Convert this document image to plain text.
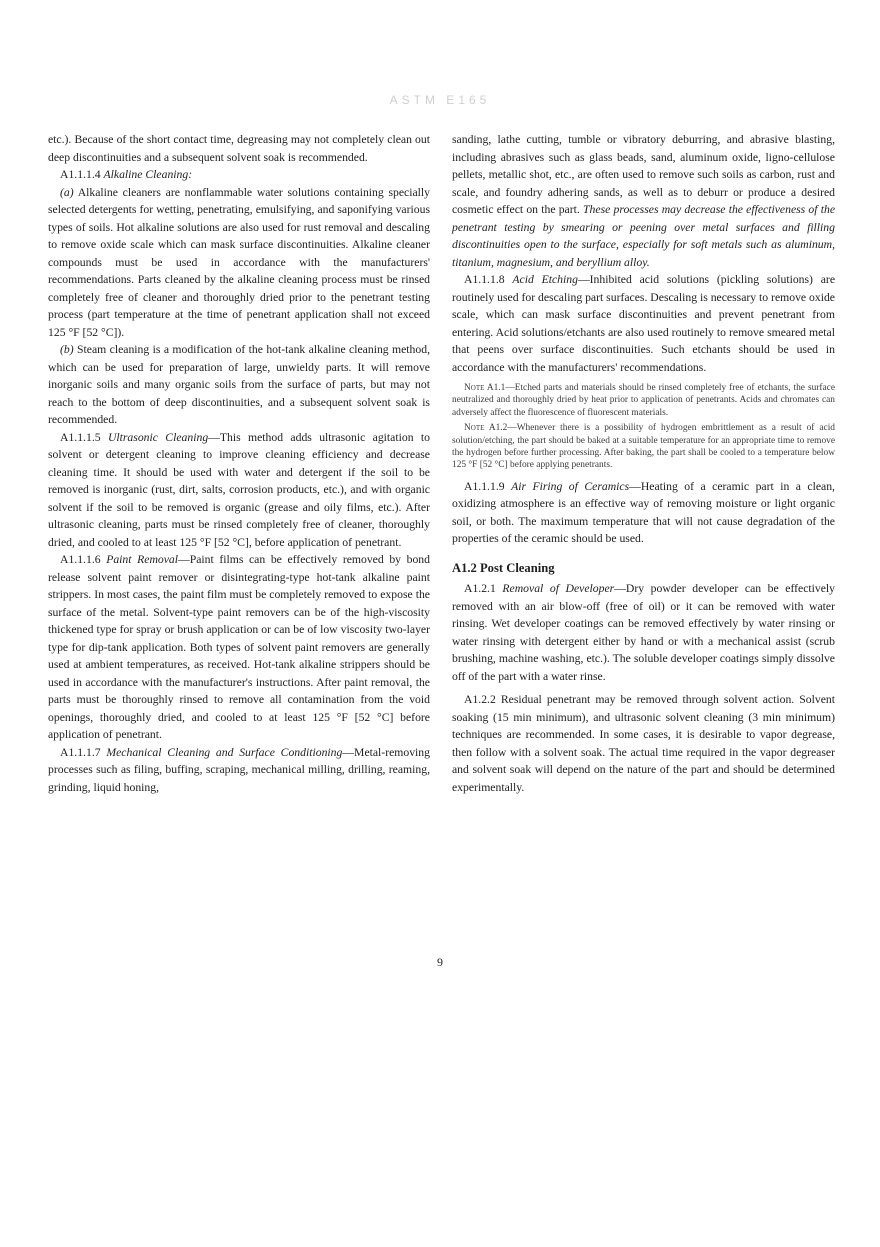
ASTM E165

etc.). Because of the short contact time, degreasing may not completely clean out deep discontinuities and a subsequent solvent soak is recommended.

A1.1.1.4 Alkaline Cleaning:

(a) Alkaline cleaners are nonflammable water solutions containing specially selected detergents for wetting, penetrating, emulsifying, and saponifying various types of soils. Hot alkaline solutions are also used for rust removal and descaling to remove oxide scale which can mask surface discontinuities. Alkaline cleaner compounds must be used in accordance with the manufacturers' recommendations. Parts cleaned by the alkaline cleaning process must be rinsed completely free of cleaner and thoroughly dried prior to the penetrant testing process (part temperature at the time of penetrant application shall not exceed 125 °F [52 °C]).

(b) Steam cleaning is a modification of the hot-tank alkaline cleaning method, which can be used for preparation of large, unwieldy parts. It will remove inorganic soils and many organic soils from the surface of parts, but may not reach to the bottom of deep discontinuities, and a subsequent solvent soak is recommended.

A1.1.1.5 Ultrasonic Cleaning—This method adds ultrasonic agitation to solvent or detergent cleaning to improve cleaning efficiency and decrease cleaning time. It should be used with water and detergent if the soil to be removed is inorganic (rust, dirt, salts, corrosion products, etc.), and with organic solvent if the soil to be removed is organic (grease and oily films, etc.). After ultrasonic cleaning, parts must be rinsed completely free of cleaner, thoroughly dried, and cooled to at least 125 °F [52 °C], before application of penetrant.

A1.1.1.6 Paint Removal—Paint films can be effectively removed by bond release solvent paint remover or disintegrating-type hot-tank alkaline paint strippers. In most cases, the paint film must be completely removed to expose the surface of the metal. Solvent-type paint removers can be of the high-viscosity thickened type for spray or brush application or can be of low viscosity two-layer type for dip-tank application. Both types of solvent paint removers are generally used at ambient temperatures, as received. Hot-tank alkaline strippers should be used in accordance with the manufacturer's instructions. After paint removal, the parts must be thoroughly rinsed to remove all contamination from the void openings, thoroughly dried, and cooled to at least 125 °F [52 °C] before application of penetrant.

A1.1.1.7 Mechanical Cleaning and Surface Conditioning—Metal-removing processes such as filing, buffing, scraping, mechanical milling, drilling, reaming, grinding, liquid honing,

sanding, lathe cutting, tumble or vibratory deburring, and abrasive blasting, including abrasives such as glass beads, sand, aluminum oxide, ligno-cellulose pellets, metallic shot, etc., are often used to remove such soils as carbon, rust and scale, and foundry adhering sands, as well as to deburr or produce a desired cosmetic effect on the part. These processes may decrease the effectiveness of the penetrant testing by smearing or peening over metal surfaces and filling discontinuities open to the surface, especially for soft metals such as aluminum, titanium, magnesium, and beryllium alloy.

A1.1.1.8 Acid Etching—Inhibited acid solutions (pickling solutions) are routinely used for descaling part surfaces. Descaling is necessary to remove oxide scale, which can mask surface discontinuities and prevent penetrant from entering. Acid solutions/etchants are also used routinely to remove smeared metal that peens over surface discontinuities. Such etchants should be used in accordance with the manufacturers' recommendations.

Note A1.1—Etched parts and materials should be rinsed completely free of etchants, the surface neutralized and thoroughly dried by heat prior to application of penetrants. Acids and chromates can adversely affect the fluorescence of fluorescent materials.

Note A1.2—Whenever there is a possibility of hydrogen embrittlement as a result of acid solution/etching, the part should be baked at a suitable temperature for an appropriate time to remove the hydrogen before further processing. After baking, the part shall be cooled to a temperature below 125 °F [52 °C] before applying penetrants.

A1.1.1.9 Air Firing of Ceramics—Heating of a ceramic part in a clean, oxidizing atmosphere is an effective way of removing moisture or light organic soil, or both. The maximum temperature that will not cause degradation of the properties of the ceramic should be used.

A1.2 Post Cleaning

A1.2.1 Removal of Developer—Dry powder developer can be effectively removed with an air blow-off (free of oil) or it can be removed with water rinsing. Wet developer coatings can be removed effectively by water rinsing or water rinsing with detergent either by hand or with a mechanical assist (scrub brushing, machine washing, etc.). The soluble developer coatings simply dissolve off of the part with a water rinse.

A1.2.2 Residual penetrant may be removed through solvent action. Solvent soaking (15 min minimum), and ultrasonic solvent cleaning (3 min minimum) techniques are recommended. In some cases, it is desirable to vapor degrease, then follow with a solvent soak. The actual time required in the vapor degreaser and solvent soak will depend on the nature of the part and should be determined experimentally.

9
